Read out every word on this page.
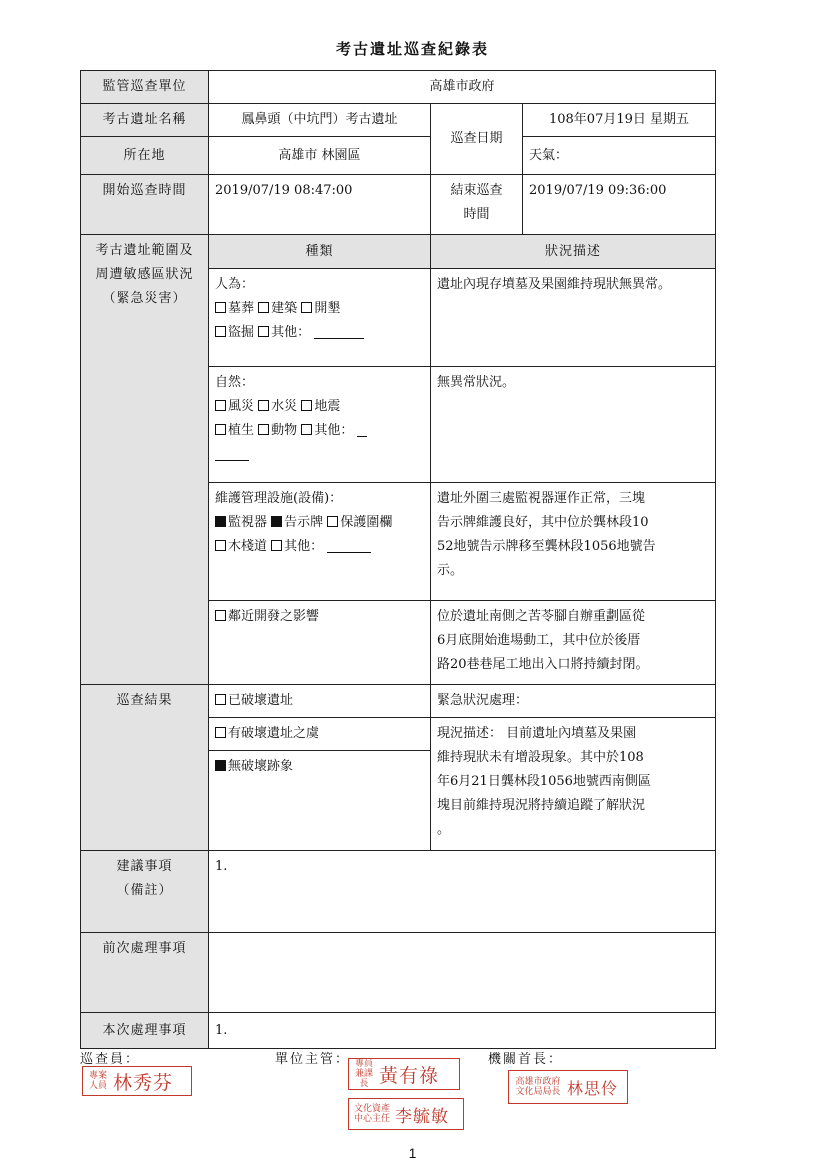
考古遺址巡查紀錄表
監管巡查單位	高雄市政府		
考古遺址名稱	鳳鼻頭（中坑門）考古遺址	巡查日期	108年07月19日 星期五
所在地	高雄市 林園區		天氣：
開始巡查時間	2019/07/19 08:47:00	結束巡查
時間	2019/07/19 09:36:00

考古遺址範圍及
周遭敏感區狀況
（緊急災害）	種類	狀況描述	

	人為：
墓葬 建築 開墾
盜掘 其他：	遺址內現存墳墓及果園維持現狀無異常。	

	自然：
風災 水災 地震
植生 動物 其他：	無異常狀況。	

	維護管理設施(設備)：
監視器 告示牌 保護圍欄
木棧道 其他：	遺址外圍三處監視器運作正常，三塊
告示牌維護良好，其中位於龔林段10
52地號告示牌移至龔林段1056地號告
示。	

	鄰近開發之影響	位於遺址南側之苦苓腳自辦重劃區從
6月底開始進場動工，其中位於後厝
路20巷巷尾工地出入口將持續封閉。	

巡查結果	已破壞遺址	緊急狀況處理：	
	有破壞遺址之虞	現況描述： 目前遺址內墳墓及果園
維持現狀未有增設現象。其中於108
年6月21日龔林段1056地號西南側區
塊目前維持現況將持續追蹤了解狀況
。	

	無破壞跡象		

建議事項
（備註）	1.		
前次處理事項			
本次處理事項	1.		
巡查員：	單位主管：	機關首長：
專案人員 林秀芬
專員兼課長 黃有祿
文化資產中心主任 李毓敏
高雄市政府文化局局長 林思伶
1
